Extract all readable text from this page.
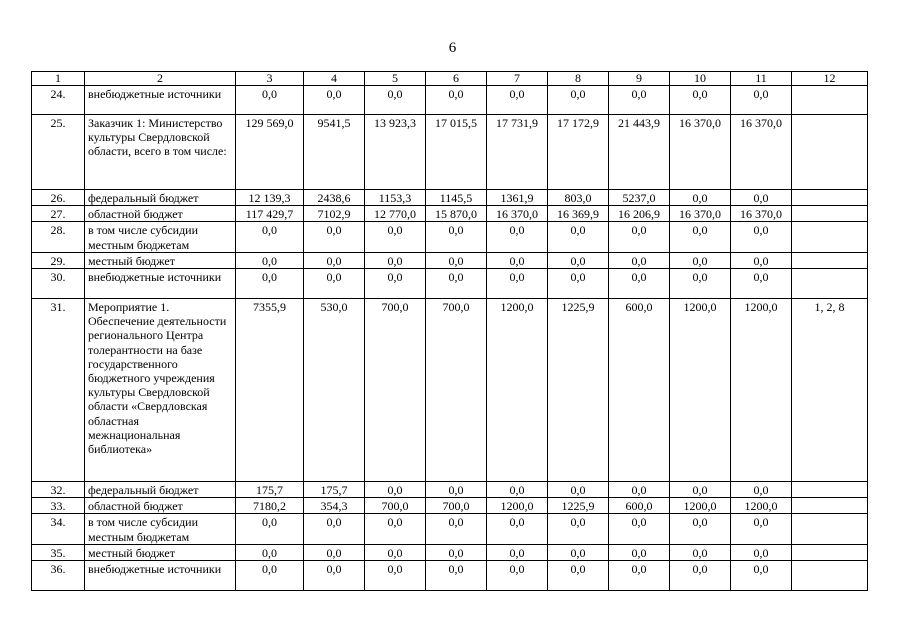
6
1	2	3	4	5	6	7	8	9	10	11	12
24.	внебюджетные источники	0,0	0,0	0,0	0,0	0,0	0,0	0,0	0,0	0,0	
25.	Заказчик 1: Министерство культуры Свердловской области, всего в том числе:	129 569,0	9541,5	13 923,3	17 015,5	17 731,9	17 172,9	21 443,9	16 370,0	16 370,0	
26.	федеральный бюджет	12 139,3	2438,6	1153,3	1145,5	1361,9	803,0	5237,0	0,0	0,0	
27.	областной бюджет	117 429,7	7102,9	12 770,0	15 870,0	16 370,0	16 369,9	16 206,9	16 370,0	16 370,0	
28.	в том числе субсидии местным бюджетам	0,0	0,0	0,0	0,0	0,0	0,0	0,0	0,0	0,0	
29.	местный бюджет	0,0	0,0	0,0	0,0	0,0	0,0	0,0	0,0	0,0	
30.	внебюджетные источники	0,0	0,0	0,0	0,0	0,0	0,0	0,0	0,0	0,0	
31.	Мероприятие 1. Обеспечение деятельности регионального Центра толерантности на базе государственного бюджетного учреждения культуры Свердловской области «Свердловская областная межнациональная библиотека»	7355,9	530,0	700,0	700,0	1200,0	1225,9	600,0	1200,0	1200,0	1, 2, 8
32.	федеральный бюджет	175,7	175,7	0,0	0,0	0,0	0,0	0,0	0,0	0,0	
33.	областной бюджет	7180,2	354,3	700,0	700,0	1200,0	1225,9	600,0	1200,0	1200,0	
34.	в том числе субсидии местным бюджетам	0,0	0,0	0,0	0,0	0,0	0,0	0,0	0,0	0,0	
35.	местный бюджет	0,0	0,0	0,0	0,0	0,0	0,0	0,0	0,0	0,0	
36.	внебюджетные источники	0,0	0,0	0,0	0,0	0,0	0,0	0,0	0,0	0,0	
